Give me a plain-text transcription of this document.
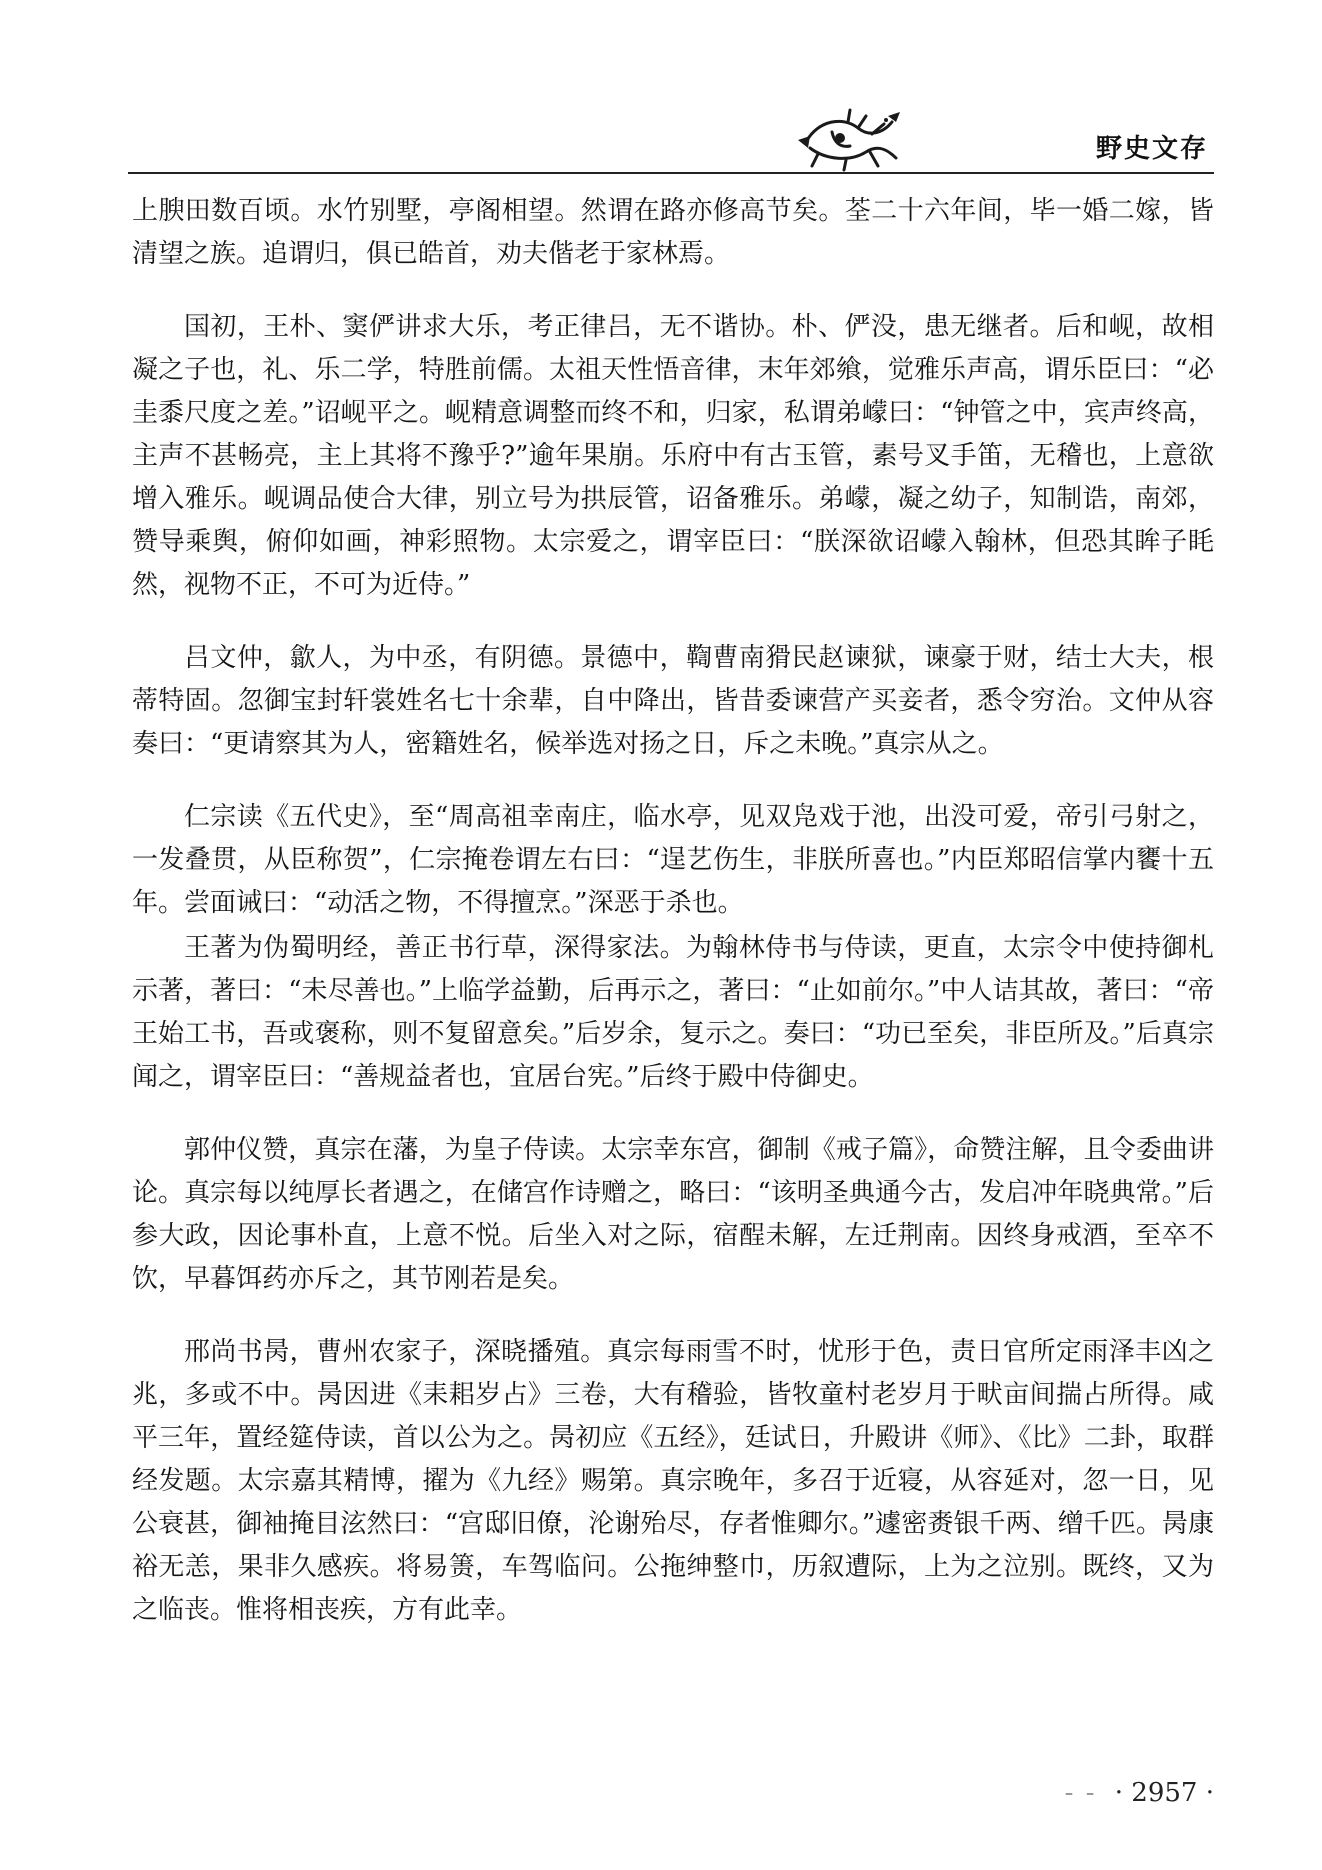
野史文存

上腴田数百顷。水竹别墅，亭阁相望。然谓在路亦修高节矣。荃二十六年间，毕一婚二嫁，皆清望之族。追谓归，俱已皓首，劝夫偕老于家林焉。

国初，王朴、窦俨讲求大乐，考正律吕，无不谐协。朴、俨没，患无继者。后和岘，故相凝之子也，礼、乐二学，特胜前儒。太祖天性悟音律，末年郊飨，觉雅乐声高，谓乐臣曰：“必圭黍尺度之差。”诏岘平之。岘精意调整而终不和，归家，私谓弟㠓曰：“钟管之中，宾声终高，主声不甚畅亮，主上其将不豫乎?”逾年果崩。乐府中有古玉管，素号叉手笛，无稽也，上意欲增入雅乐。岘调品使合大律，别立号为拱辰管，诏备雅乐。弟㠓，凝之幼子，知制诰，南郊，赞导乘舆，俯仰如画，神彩照物。太宗爱之，谓宰臣曰：“朕深欲诏㠓入翰林，但恐其眸子眊然，视物不正，不可为近侍。”

吕文仲，歙人，为中丞，有阴德。景德中，鞫曹南猾民赵谏狱，谏豪于财，结士大夫，根蒂特固。忽御宝封轩裳姓名七十余辈，自中降出，皆昔委谏营产买妾者，悉令穷治。文仲从容奏曰：“更请察其为人，密籍姓名，候举选对扬之日，斥之未晚。”真宗从之。

仁宗读《五代史》，至“周高祖幸南庄，临水亭，见双凫戏于池，出没可爱，帝引弓射之，一发叠贯，从臣称贺”，仁宗掩卷谓左右曰：“逞艺伤生，非朕所喜也。”内臣郑昭信掌内饔十五年。尝面诫曰：“动活之物，不得擅烹。”深恶于杀也。

王著为伪蜀明经，善正书行草，深得家法。为翰林侍书与侍读，更直，太宗令中使持御札示著，著曰：“未尽善也。”上临学益勤，后再示之，著曰：“止如前尔。”中人诘其故，著曰：“帝王始工书，吾或褒称，则不复留意矣。”后岁余，复示之。奏曰：“功已至矣，非臣所及。”后真宗闻之，谓宰臣曰：“善规益者也，宜居台宪。”后终于殿中侍御史。

郭仲仪赞，真宗在藩，为皇子侍读。太宗幸东宫，御制《戒子篇》，命赞注解，且令委曲讲论。真宗每以纯厚长者遇之，在储宫作诗赠之，略曰：“该明圣典通今古，发启冲年晓典常。”后参大政，因论事朴直，上意不悦。后坐入对之际，宿酲未解，左迁荆南。因终身戒酒，至卒不饮，早暮饵药亦斥之，其节刚若是矣。

邢尚书昺，曹州农家子，深晓播殖。真宗每雨雪不时，忧形于色，责日官所定雨泽丰凶之兆，多或不中。昺因进《耒耜岁占》三卷，大有稽验，皆牧童村老岁月于畎亩间揣占所得。咸平三年，置经筵侍读，首以公为之。昺初应《五经》，廷试日，升殿讲《师》、《比》二卦，取群经发题。太宗嘉其精博，擢为《九经》赐第。真宗晚年，多召于近寝，从容延对，忽一日，见公衰甚，御袖掩目泫然曰：“宫邸旧僚，沦谢殆尽，存者惟卿尔。”遽密赉银千两、缯千匹。昺康裕无恙，果非久感疾。将易箦，车驾临问。公拖绅整巾，历叙遭际，上为之泣别。既终，又为之临丧。惟将相丧疾，方有此幸。

- - · 2957 ·
